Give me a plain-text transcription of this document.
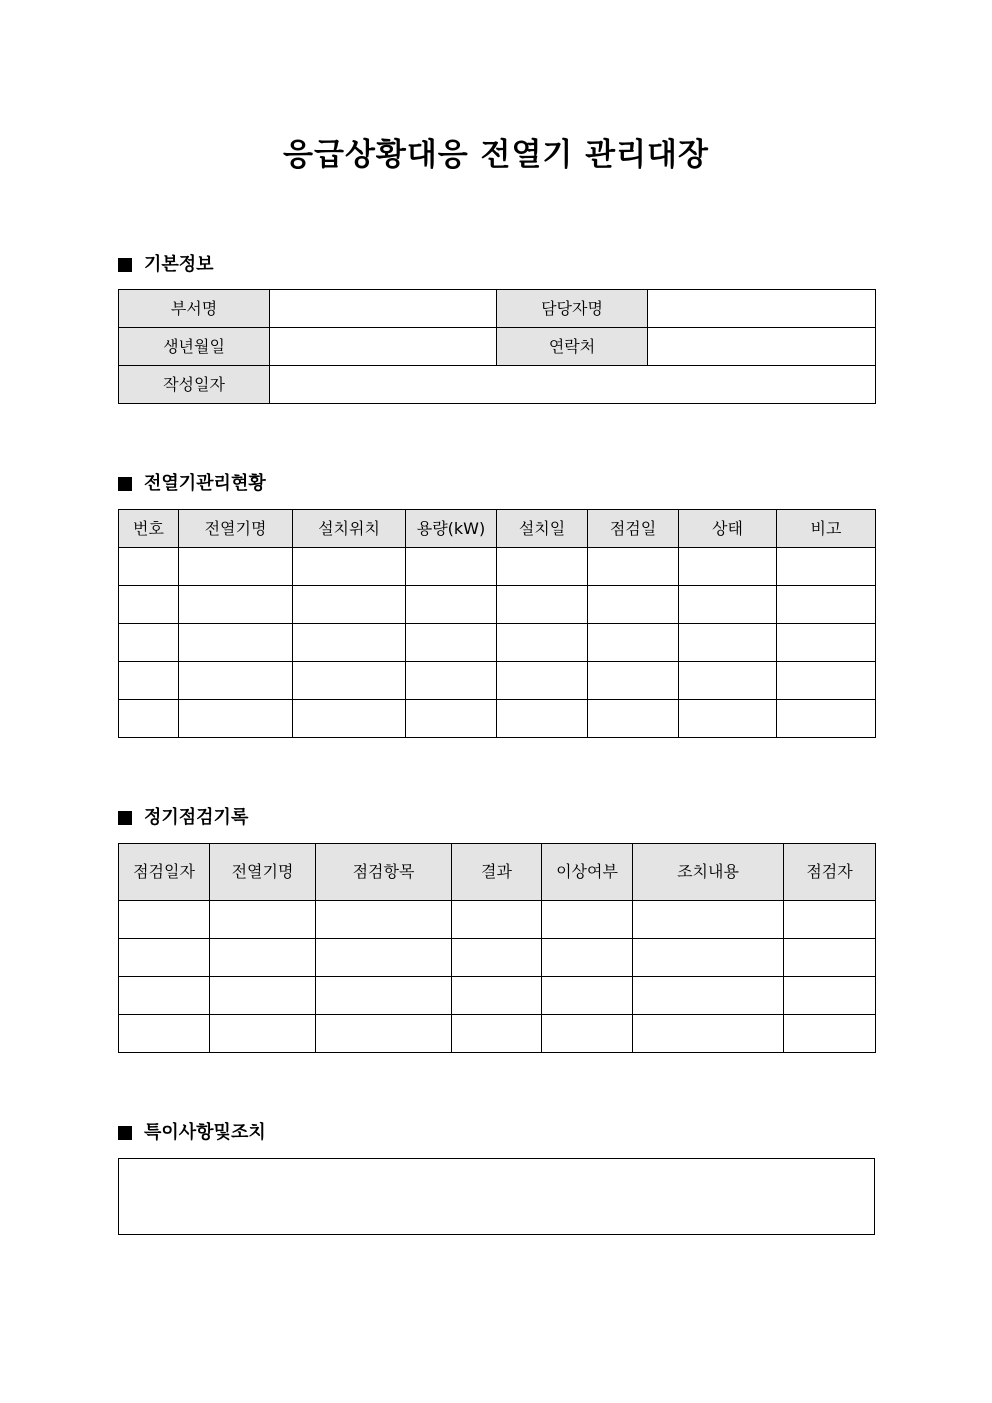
응급상황대응 전열기 관리대장
기본정보
부서명		담당자명	
생년월일		연락처	
작성일자			
전열기관리현황
번호	전열기명	설치위치	용량(kW)	설치일	점검일	상태	비고

정기점검기록
점검일자	전열기명	점검항목	결과	이상여부	조치내용	점검자

특이사항및조치
